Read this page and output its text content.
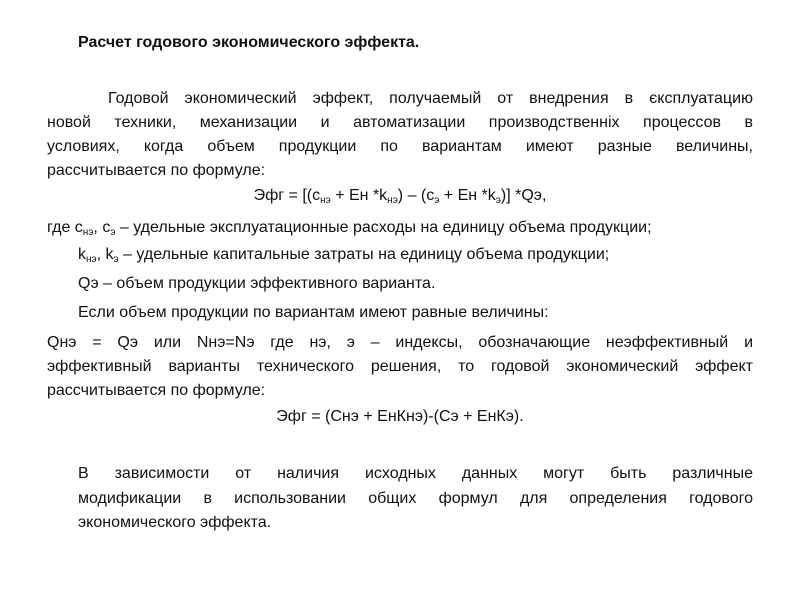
Расчет годового экономического эффекта.
Годовой экономический эффект, получаемый от внедрения в єксплуатацию
новой техники, механизации и автоматизации производственніх процессов в
условиях, когда объем продукции по вариантам имеют разные величины,
рассчитывается по формуле:
Эфг = [($с_{нэ}$ + Ен $*k_{нэ}) - (с_э$ + Ен $*k_э$)] *Qэ,
где $с_{нэ}$, $с_э$ – удельные эксплуатационные расходы на единицу объема продукции;
$k_{нэ}$, $k_э$ – удельные капитальные затраты на единицу объема продукции;
Qэ – объем продукции эффективного варианта.
Если объем продукции по вариантам имеют равные величины:
Qнэ = Qэ или Nнэ=Nэ где нэ, э – индексы, обозначающие неэффективный и
эффективный варианты технического решения, то годовой экономический эффект
рассчитывается по формуле:
Эфг = (Снэ + ЕнКнэ)-(Сэ + ЕнКэ).
В зависимости от наличия исходных данных могут быть различные
модификации в использовании общих формул для определения годового
экономического эффекта.
